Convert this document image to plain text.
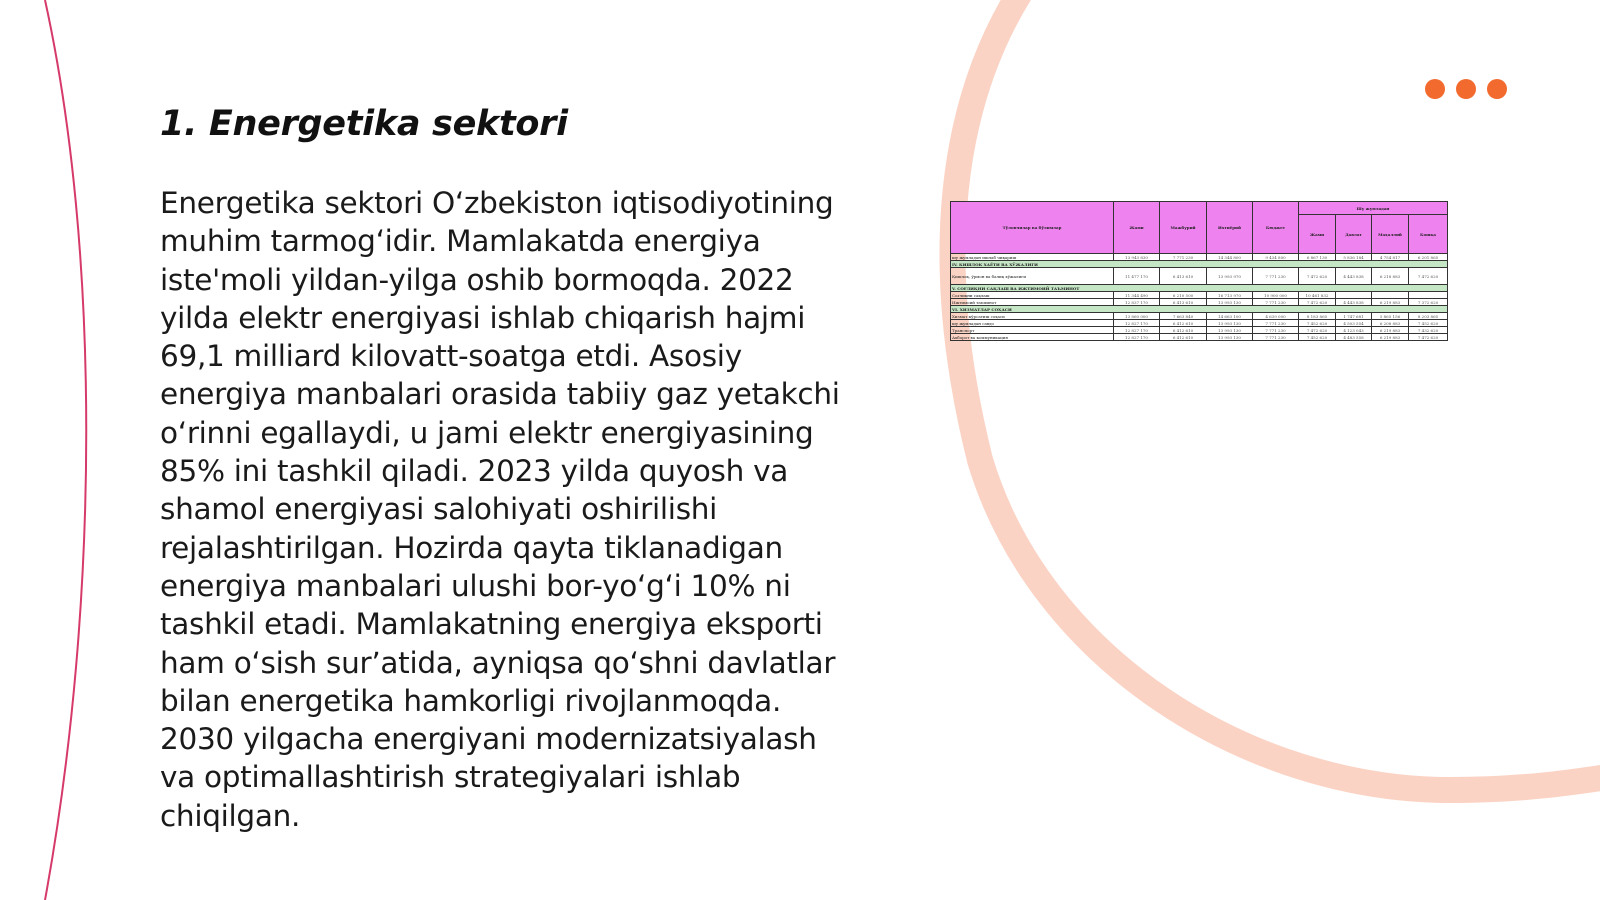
1. Energetika sektori

Energetika sektori O‘zbekiston iqtisodiyotining muhim tarmog‘idir. Mamlakatda energiya iste'moli yildan-yilga oshib bormoqda. 2022 yilda elektr energiyasi ishlab chiqarish hajmi 69,1 milliard kilovatt-soatga etdi. Asosiy energiya manbalari orasida tabiiy gaz yetakchi o‘rinni egallaydi, u jami elektr energiyasining 85% ini tashkil qiladi. 2023 yilda quyosh va shamol energiyasi salohiyati oshirilishi rejalashtirilgan. Hozirda qayta tiklanadigan energiya manbalari ulushi bor-yo‘g‘i 10% ni tashkil etadi. Mamlakatning energiya eksporti ham o‘sish sur’atida, ayniqsa qo‘shni davlatlar bilan energetika hamkorligi rivojlanmoqda. 2030 yilgacha energiyani modernizatsiyalash va optimallashtirish strategiyalari ishlab chiqilgan.

Тўловчилар ва бўлимлар	Жами	Мажбурий	Ихтиёрий	Бюджет	Шу жумладан			
					Жами	Давлат	Маҳаллий	Бошқа
шу жумладан ишлаб чиқариш	13 943 830	7 771 230	14 344 800	9 434 800	6 867 130	5 836 184	4 754 817	6 201 865
IV. КИШЛОК ХАЁТИ ВА ХЎЖАЛИГИ								
Қишлоқ, ўрмон ва балиқ хўжалиги	11 477 170	6 413 610	13 993 970	7 771 230	7 472 620	4 443 838	6 218 883	7 472 620
V. СОҒЛИҚНИ САҚЛАШ ВА ИЖТИМОИЙ ТАЪМИНОТ								
Соғлиқни сақлаш	11 344 490	6 210 500	16 713 970	10 900 000	10 461 832			
Ижтимоий таъминот	12 837 170	6 413 610	13 993 130	7 771 230	7 472 620	4 443 838	6 219 883	7 372 620
VI. ХИЗМАТЛАР СОҲАСИ								
Хизмат кўрсатиш соҳаси	13 860 000	7 663 840	14 663 100	4 639 000	8 183 865	1 747 681	5 865 156	8 203 865
шу жумладан савдо	12 827 170	6 412 610	13 993 130	7 771 230	7 452 620	4 503 554	6 208 883	7 452 620
Транспорт	12 827 170	6 412 610	13 993 130	7 771 230	7 472 620	4 123 043	6 219 883	7 432 620
Ахборот ва коммуникация	12 827 170	6 412 610	13 993 130	7 771 230	7 452 620	4 483 558	6 219 883	7 472 620
